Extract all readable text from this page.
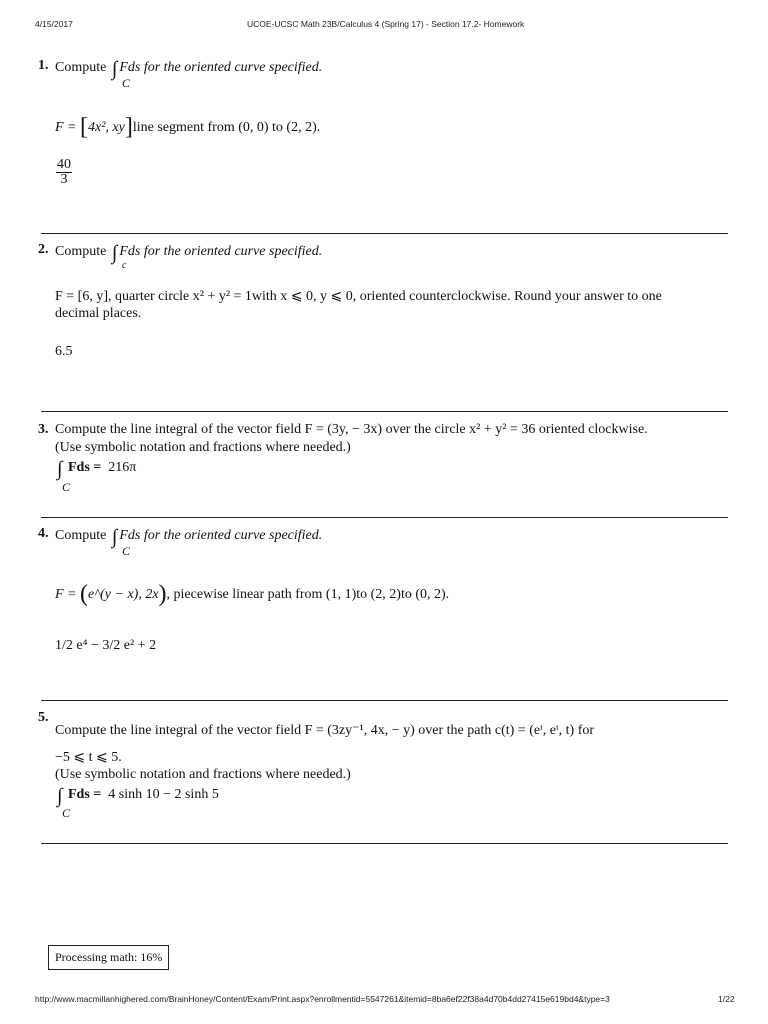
4/15/2017	UCOE-UCSC Math 23B/Calculus 4 (Spring 17) - Section 17.2- Homework
1. Compute ∫ Fds for the oriented curve specified.
C
F = [4x², xy]line segment from (0, 0) to (2, 2).
$\frac{40}{3}$
2. Compute ∫ Fds for the oriented curve specified.
c
F = [6, y], quarter circle x² + y² = 1with x ⩽ 0, y ⩽ 0, oriented counterclockwise. Round your answer to one
decimal places.
6.5
3. Compute the line integral of the vector field F = (3y, − 3x) over the circle x² + y² = 36 oriented clockwise.
(Use symbolic notation and fractions where needed.)
∫ Fds = 216π
C
4. Compute ∫ Fds for the oriented curve specified.
C
F = (e^(y − x), 2x), piecewise linear path from (1, 1)to (2, 2)to (0, 2).
1/2 e⁴ − 3/2 e² + 2
5.
Compute the line integral of the vector field F = (3zy⁻¹, 4x, − y) over the path c(t) = (eᵗ, eᵗ, t) for
−5 ⩽ t ⩽ 5.
(Use symbolic notation and fractions where needed.)
∫ Fds = 4 sinh 10 − 2 sinh 5
C
Processing math: 16%
http://www.macmillanhighered.com/BrainHoney/Content/Exam/Print.aspx?enrollmentid=5547261&itemid=8ba6ef22f38a4d70b4dd27415e619bd4&type=3	1/22
